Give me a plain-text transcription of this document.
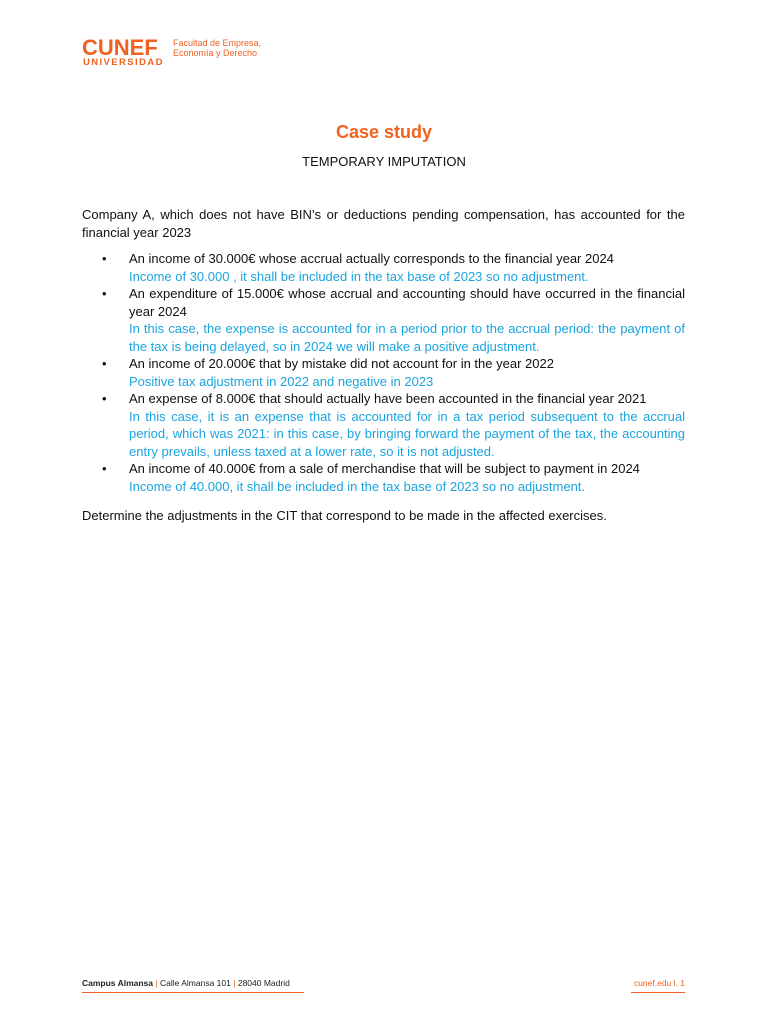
CUNEF
UNIVERSIDAD
Facultad de Empresa,
Economía y Derecho
Case study
TEMPORARY IMPUTATION

Company A, which does not have BIN’s or deductions pending compensation, has accounted for the financial year 2023

• An income of 30.000€ whose accrual actually corresponds to the financial year 2024

Income of 30.000 , it shall be included in the tax base of 2023 so no adjustment.

• An expenditure of 15.000€ whose accrual and accounting should have occurred in the financial year 2024

In this case, the expense is accounted for in a period prior to the accrual period: the payment of the tax is being delayed, so in 2024 we will make a positive adjustment.

• An income of 20.000€ that by mistake did not account for in the year 2022

Positive tax adjustment in 2022 and negative in 2023

• An expense of 8.000€ that should actually have been accounted in the financial year 2021

In this case, it is an expense that is accounted for in a tax period subsequent to the accrual period, which was 2021: in this case, by bringing forward the payment of the tax, the accounting entry prevails, unless taxed at a lower rate, so it is not adjusted.

• An income of 40.000€ from a sale of merchandise that will be subject to payment in 2024

Income of 40.000, it shall be included in the tax base of 2023 so no adjustment.

Determine the adjustments in the CIT that correspond to be made in the affected exercises.

Campus Almansa | Calle Almansa 101 | 28040 Madrid	cunef.edu l. 1
